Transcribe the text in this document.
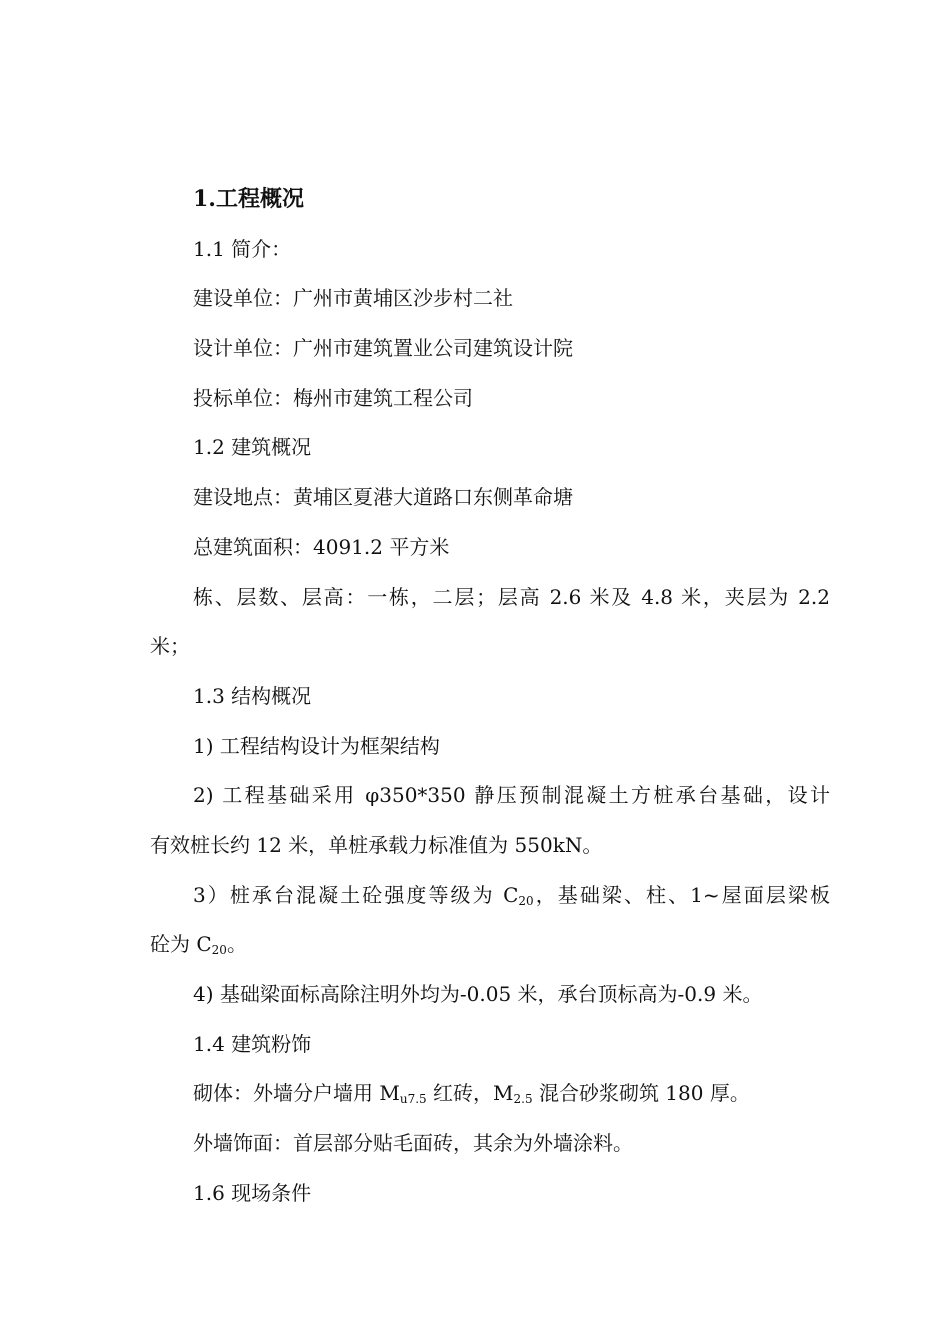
1.工程概况
1.1 简介：
建设单位：广州市黄埔区沙步村二社
设计单位：广州市建筑置业公司建筑设计院
投标单位：梅州市建筑工程公司
1.2 建筑概况
建设地点：黄埔区夏港大道路口东侧革命塘
总建筑面积：4091.2 平方米
栋、层数、层高：一栋，二层；层高 2.6 米及 4.8 米，夹层为 2.2
米；
1.3 结构概况
1) 工程结构设计为框架结构
2) 工程基础采用 φ350*350 静压预制混凝土方桩承台基础，设计
有效桩长约 12 米，单桩承载力标准值为 550kN。
3）桩承台混凝土砼强度等级为 $C_{20}$，基础梁、柱、1~屋面层梁板
砼为 $C_{20}$。
4) 基础梁面标高除注明外均为-0.05 米，承台顶标高为-0.9 米。
1.4 建筑粉饰
砌体：外墙分户墙用 $M_{u7.5}$ 红砖，$M_{2.5}$ 混合砂浆砌筑 180 厚。
外墙饰面：首层部分贴毛面砖，其余为外墙涂料。
1.6 现场条件
